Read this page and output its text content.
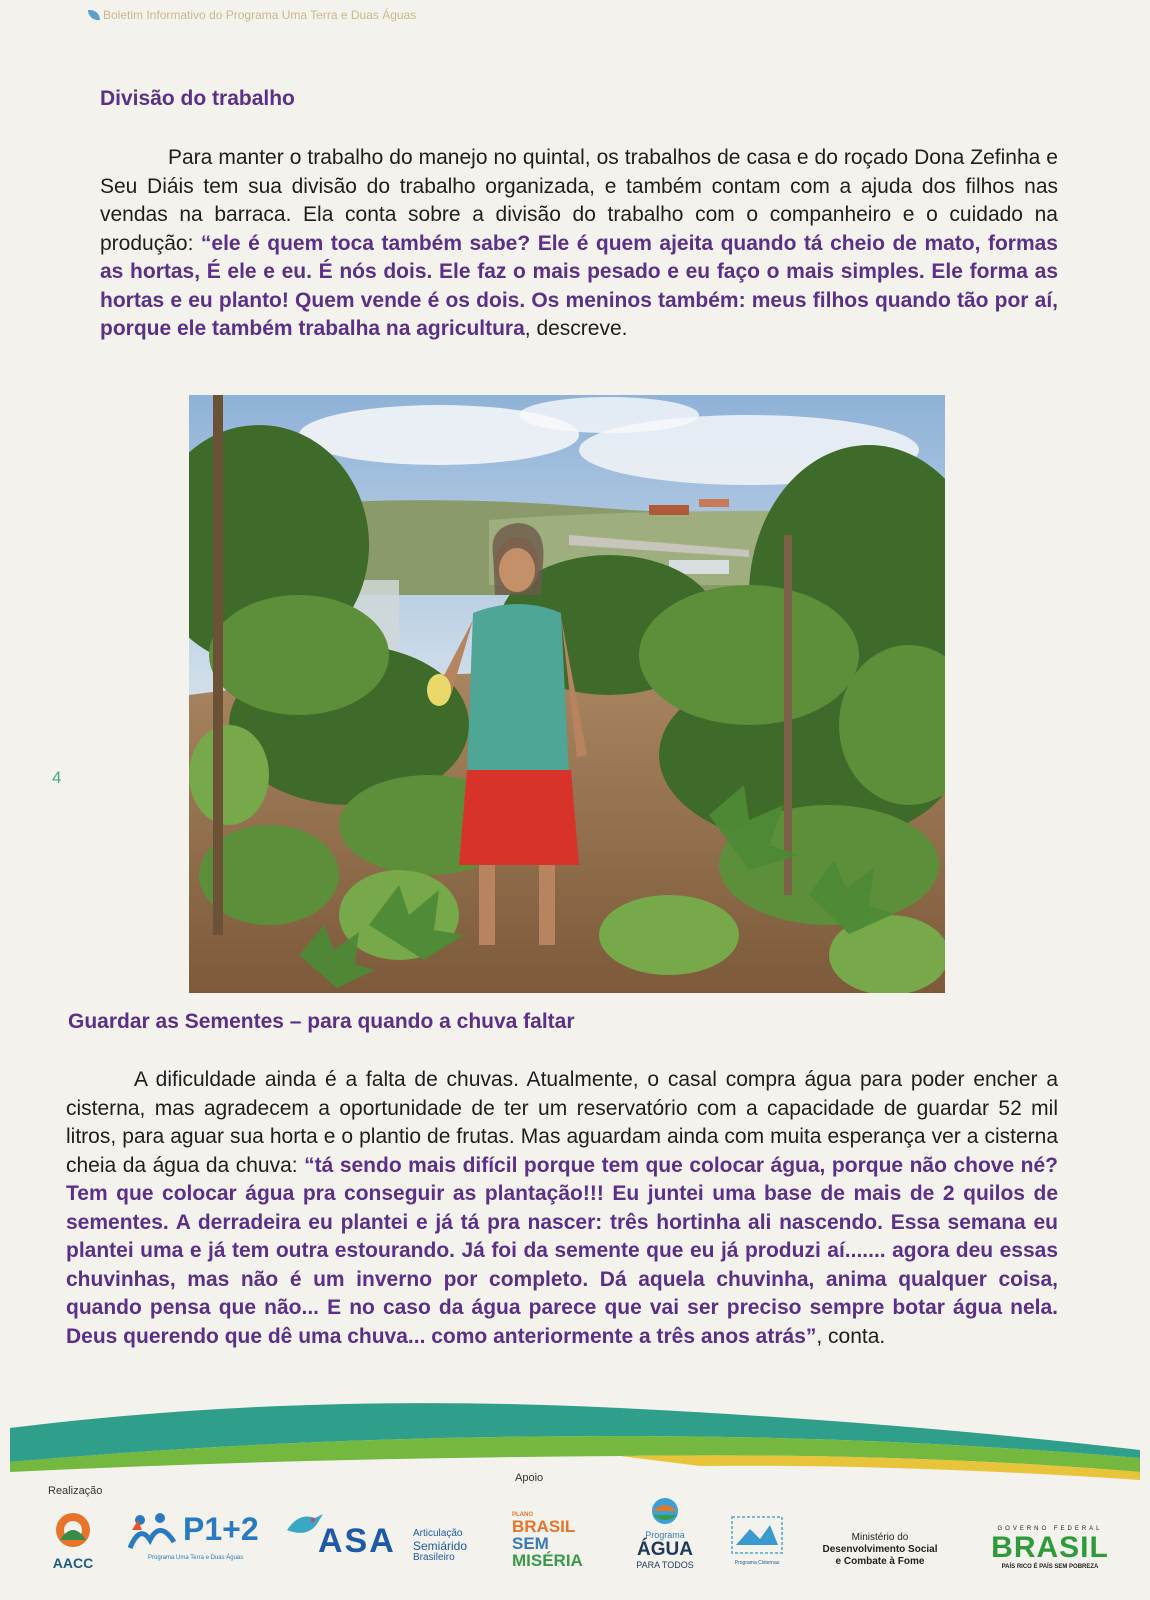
Boletim Informativo do Programa Uma Terra e Duas Águas
4
Divisão do trabalho

Para manter o trabalho do manejo no quintal, os trabalhos de casa e do roçado Dona Zefinha e Seu Diáis tem sua divisão do trabalho organizada, e também contam com a ajuda dos filhos nas vendas na barraca. Ela conta sobre a divisão do trabalho com o companheiro e o cuidado na produção: “ele é quem toca também sabe? Ele é quem ajeita quando tá cheio de mato, formas as hortas, É ele e eu. É nós dois. Ele faz o mais pesado e eu faço o mais simples. Ele forma as hortas e eu planto! Quem vende é os dois. Os meninos também: meus filhos quando tão por aí, porque ele também trabalha na agricultura, descreve.

Guardar as Sementes – para quando a chuva faltar

A dificuldade ainda é a falta de chuvas. Atualmente, o casal compra água para poder encher a cisterna, mas agradecem a oportunidade de ter um reservatório com a capacidade de guardar 52 mil litros, para aguar sua horta e o plantio de frutas. Mas aguardam ainda com muita esperança ver a cisterna cheia da água da chuva: “tá sendo mais difícil porque tem que colocar água, porque não chove né? Tem que colocar água pra conseguir as plantação!!! Eu juntei uma base de mais de 2 quilos de sementes. A derradeira eu plantei e já tá pra nascer: três hortinha ali nascendo. Essa semana eu plantei uma e já tem outra estourando. Já foi da semente que eu já produzi aí....... agora deu essas chuvinhas, mas não é um inverno por completo. Dá aquela chuvinha, anima qualquer coisa, quando pensa que não... E no caso da água parece que vai ser preciso sempre botar água nela. Deus querendo que dê uma chuva... como anteriormente a três anos atrás”, conta.

Realização
Apoio
AACC
P1+2
Programa Uma Terra e Duas Águas ASA Articulação
Semiárido
Brasileiro
PLANO
BRASIL
SEM
MISÉRIA
Programa
ÁGUA
PARA TODOS	Programa Cisternas
Ministério do
Desenvolvimento Social
e Combate à Fome
GOVERNO FEDERAL
BRASIL
PAÍS RICO É PAÍS SEM POBREZA
